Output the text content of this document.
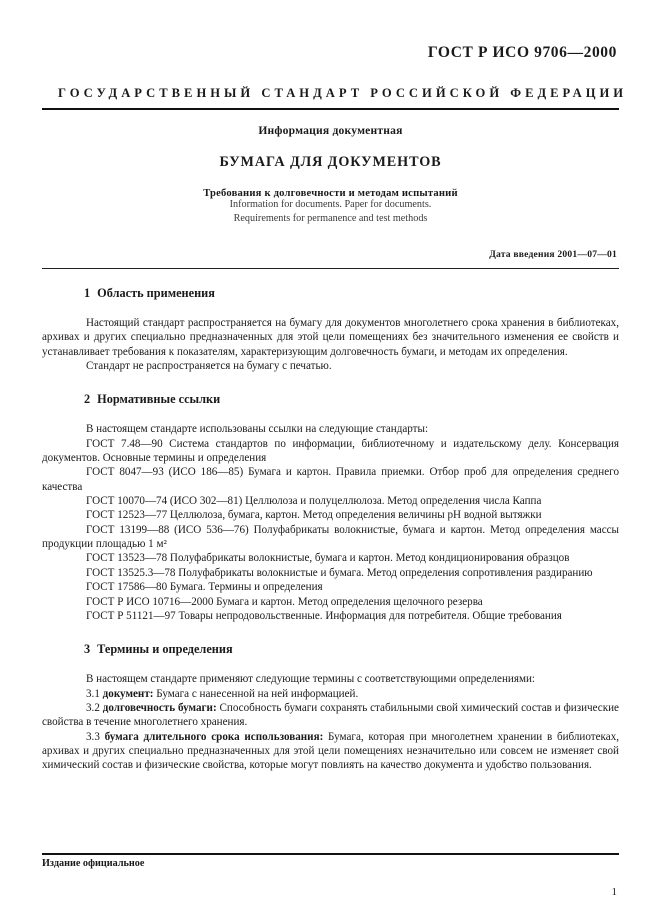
ГОСТ Р ИСО 9706—2000
ГОСУДАРСТВЕННЫЙ СТАНДАРТ РОССИЙСКОЙ ФЕДЕРАЦИИ
Информация документная
БУМАГА ДЛЯ ДОКУМЕНТОВ
Требования к долговечности и методам испытаний
Information for documents. Paper for documents.
Requirements for permanence and test methods
Дата введения 2001—07—01
1 Область применения

Настоящий стандарт распространяется на бумагу для документов многолетнего срока хранения в библиотеках, архивах и других специально предназначенных для этой цели помещениях без значительного изменения ее свойств и устанавливает требования к показателям, характеризующим долговечность бумаги, и методам их определения.

Стандарт не распространяется на бумагу с печатью.

2 Нормативные ссылки

В настоящем стандарте использованы ссылки на следующие стандарты:

ГОСТ 7.48—90 Система стандартов по информации, библиотечному и издательскому делу. Консервация документов. Основные термины и определения

ГОСТ 8047—93 (ИСО 186—85) Бумага и картон. Правила приемки. Отбор проб для определения среднего качества

ГОСТ 10070—74 (ИСО 302—81) Целлюлоза и полуцеллюлоза. Метод определения числа Каппа

ГОСТ 12523—77 Целлюлоза, бумага, картон. Метод определения величины рН водной вытяжки

ГОСТ 13199—88 (ИСО 536—76) Полуфабрикаты волокнистые, бумага и картон. Метод определения массы продукции площадью 1 м²

ГОСТ 13523—78 Полуфабрикаты волокнистые, бумага и картон. Метод кондиционирования образцов

ГОСТ 13525.3—78 Полуфабрикаты волокнистые и бумага. Метод определения сопротивления раздиранию

ГОСТ 17586—80 Бумага. Термины и определения

ГОСТ Р ИСО 10716—2000 Бумага и картон. Метод определения щелочного резерва

ГОСТ Р 51121—97 Товары непродовольственные. Информация для потребителя. Общие требования

3 Термины и определения

В настоящем стандарте применяют следующие термины с соответствующими определениями:

3.1 документ: Бумага с нанесенной на ней информацией.

3.2 долговечность бумаги: Способность бумаги сохранять стабильными свой химический состав и физические свойства в течение многолетнего хранения.

3.3 бумага длительного срока использования: Бумага, которая при многолетнем хранении в библиотеках, архивах и других специально предназначенных для этой цели помещениях незначительно или совсем не изменяет свой химический состав и физические свойства, которые могут повлиять на качество документа и удобство пользования.

Издание официальное
1
